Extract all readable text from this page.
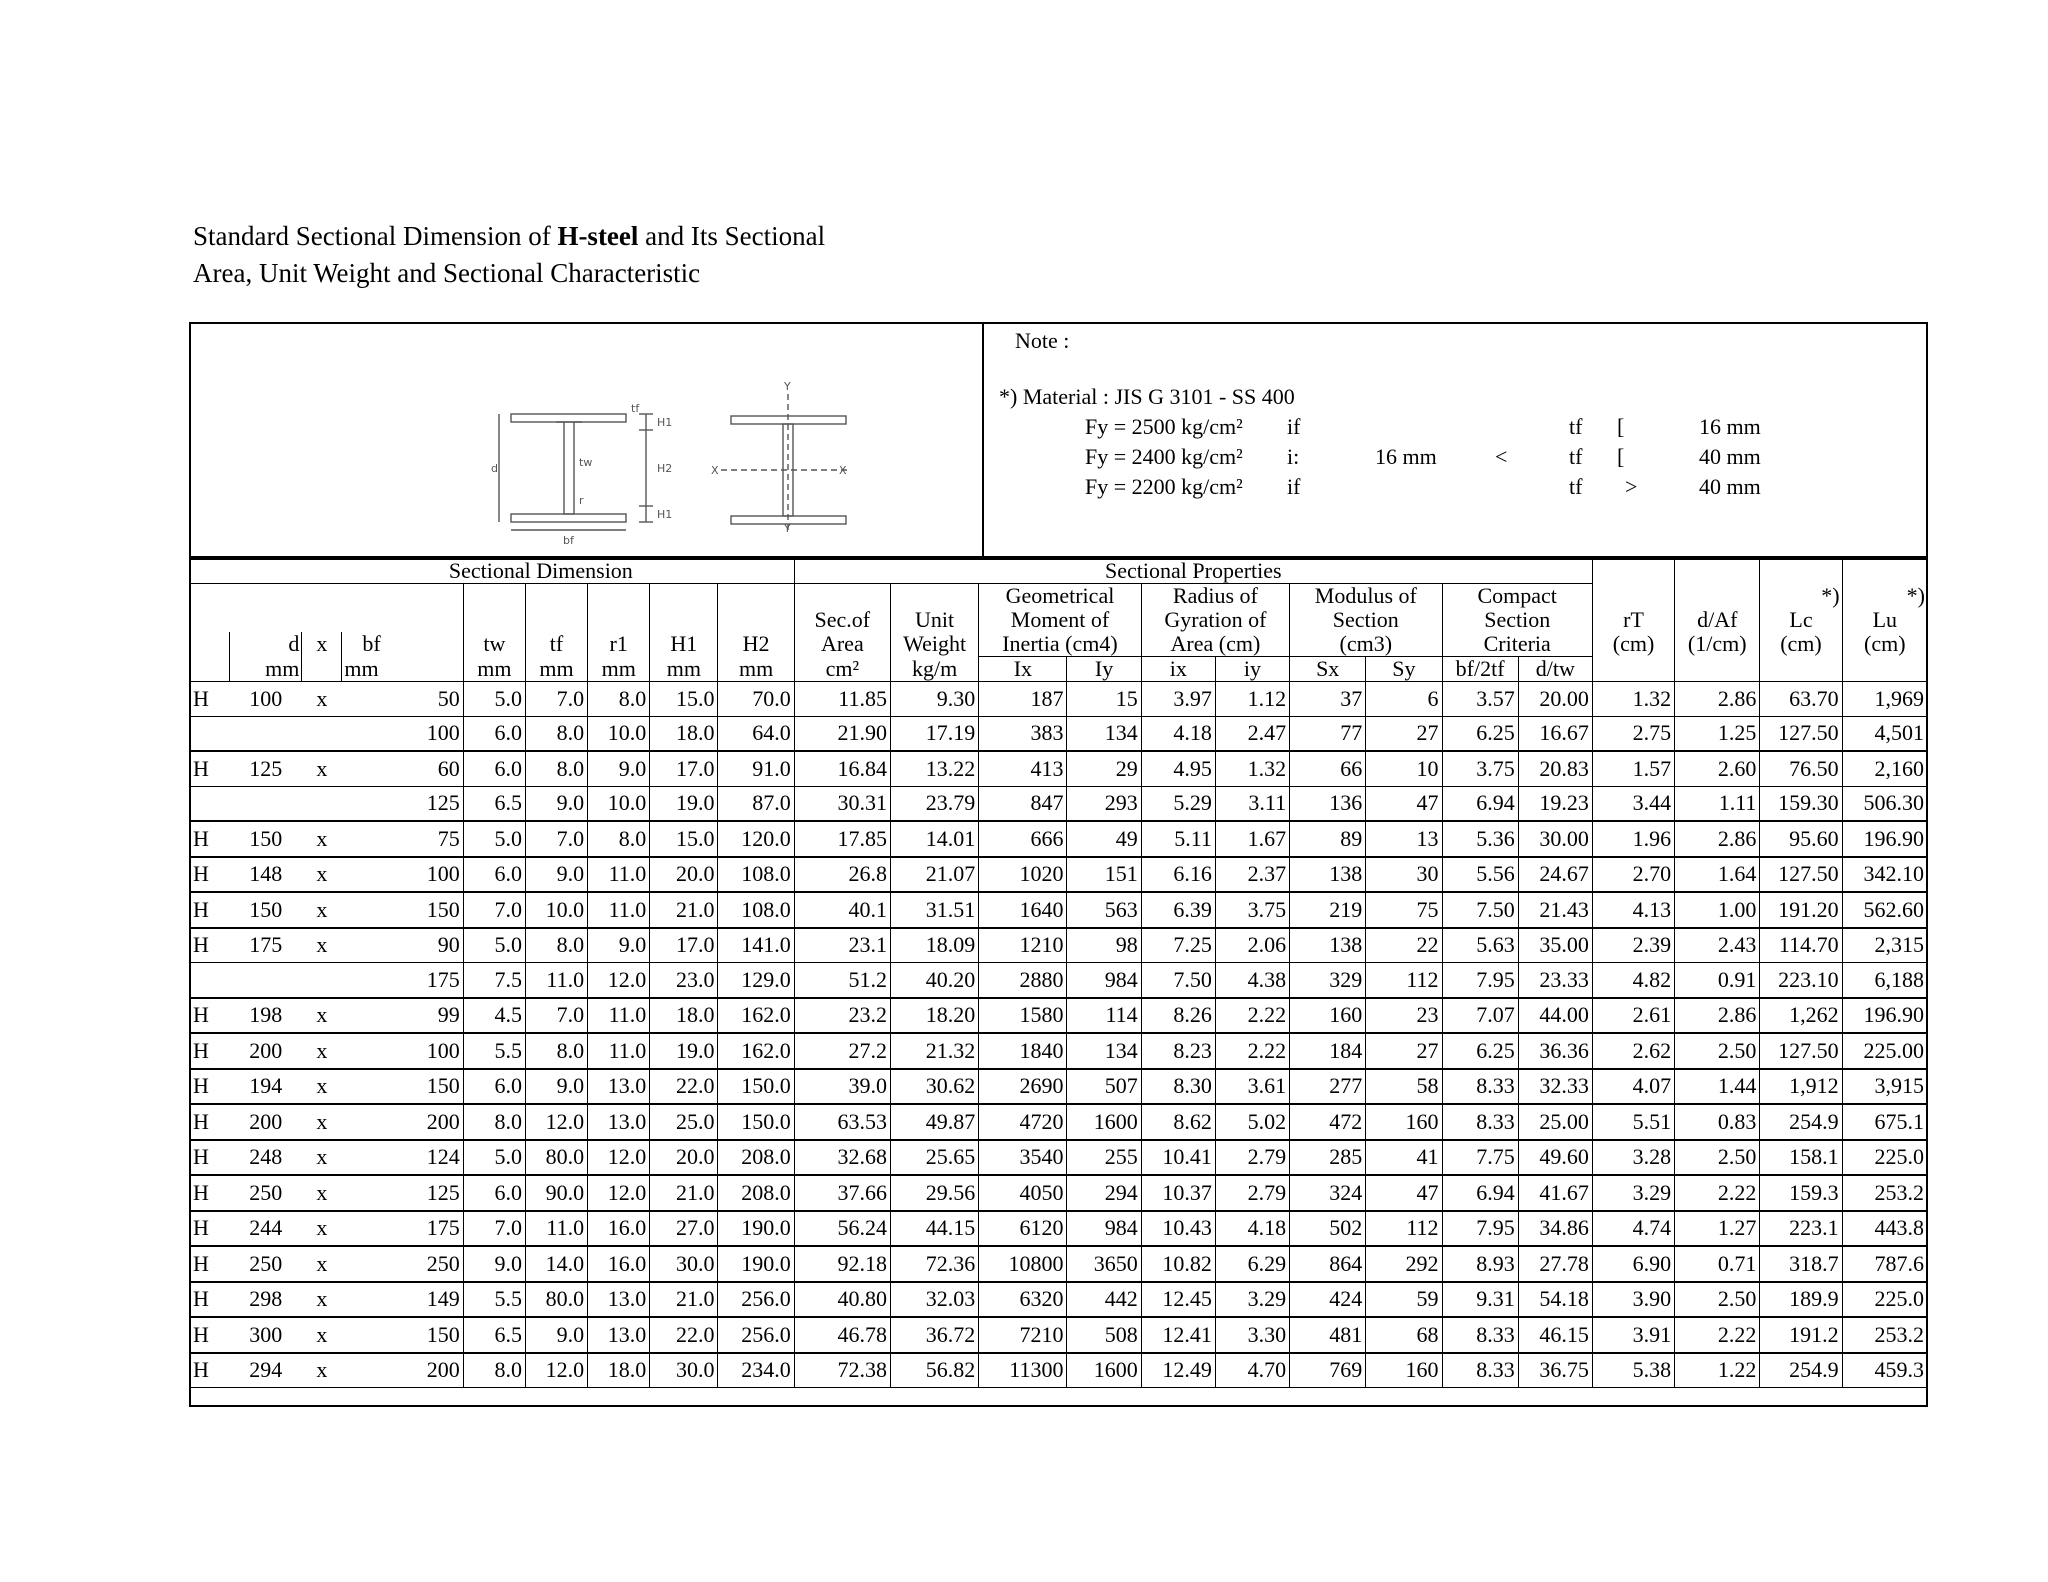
Standard Sectional Dimension of H-steel and Its Sectional
Area, Unit Weight and Sectional Characteristic
d	tw
tf
r
bf
H1
H2
H1
Y
X	X
Y
Note :
*) Material : JIS G 3101 - SS 400
Fy = 2500 kg/cm² if	tf [	16 mm
Fy = 2400 kg/cm² i:	16 mm	<	tf [	40 mm
Fy = 2200 kg/cm² if	tf >	40 mm
Sectional Dimension									Sectional Properties													
											Geometrical		Radius of		Modulus of		Compact				*)	*)
									Sec.of	Unit	Moment of		Gyration of		Section		Section		rT	d/Af	Lc	Lu
	d	x	bf	tw	tf	r1	H1	H2	Area	Weight	Inertia (cm4)		Area (cm)		(cm3)		Criteria		(cm)	(1/cm)	(cm)	(cm)
	mm		mm	mm	mm	mm	mm	mm	cm²	kg/m	Ix	Iy	ix	iy	Sx	Sy	bf/2tf	d/tw				
H	100	x	50	5.0	7.0	8.0	15.0	70.0	11.85	9.30	187	15	3.97	1.12	37	6	3.57	20.00	1.32	2.86	63.70	1,969
			100	6.0	8.0	10.0	18.0	64.0	21.90	17.19	383	134	4.18	2.47	77	27	6.25	16.67	2.75	1.25	127.50	4,501
H	125	x	60	6.0	8.0	9.0	17.0	91.0	16.84	13.22	413	29	4.95	1.32	66	10	3.75	20.83	1.57	2.60	76.50	2,160
			125	6.5	9.0	10.0	19.0	87.0	30.31	23.79	847	293	5.29	3.11	136	47	6.94	19.23	3.44	1.11	159.30	506.30
H	150	x	75	5.0	7.0	8.0	15.0	120.0	17.85	14.01	666	49	5.11	1.67	89	13	5.36	30.00	1.96	2.86	95.60	196.90
H	148	x	100	6.0	9.0	11.0	20.0	108.0	26.8	21.07	1020	151	6.16	2.37	138	30	5.56	24.67	2.70	1.64	127.50	342.10
H	150	x	150	7.0	10.0	11.0	21.0	108.0	40.1	31.51	1640	563	6.39	3.75	219	75	7.50	21.43	4.13	1.00	191.20	562.60
H	175	x	90	5.0	8.0	9.0	17.0	141.0	23.1	18.09	1210	98	7.25	2.06	138	22	5.63	35.00	2.39	2.43	114.70	2,315
			175	7.5	11.0	12.0	23.0	129.0	51.2	40.20	2880	984	7.50	4.38	329	112	7.95	23.33	4.82	0.91	223.10	6,188
H	198	x	99	4.5	7.0	11.0	18.0	162.0	23.2	18.20	1580	114	8.26	2.22	160	23	7.07	44.00	2.61	2.86	1,262	196.90
H	200	x	100	5.5	8.0	11.0	19.0	162.0	27.2	21.32	1840	134	8.23	2.22	184	27	6.25	36.36	2.62	2.50	127.50	225.00
H	194	x	150	6.0	9.0	13.0	22.0	150.0	39.0	30.62	2690	507	8.30	3.61	277	58	8.33	32.33	4.07	1.44	1,912	3,915
H	200	x	200	8.0	12.0	13.0	25.0	150.0	63.53	49.87	4720	1600	8.62	5.02	472	160	8.33	25.00	5.51	0.83	254.9	675.1
H	248	x	124	5.0	80.0	12.0	20.0	208.0	32.68	25.65	3540	255	10.41	2.79	285	41	7.75	49.60	3.28	2.50	158.1	225.0
H	250	x	125	6.0	90.0	12.0	21.0	208.0	37.66	29.56	4050	294	10.37	2.79	324	47	6.94	41.67	3.29	2.22	159.3	253.2
H	244	x	175	7.0	11.0	16.0	27.0	190.0	56.24	44.15	6120	984	10.43	4.18	502	112	7.95	34.86	4.74	1.27	223.1	443.8
H	250	x	250	9.0	14.0	16.0	30.0	190.0	92.18	72.36	10800	3650	10.82	6.29	864	292	8.93	27.78	6.90	0.71	318.7	787.6
H	298	x	149	5.5	80.0	13.0	21.0	256.0	40.80	32.03	6320	442	12.45	3.29	424	59	9.31	54.18	3.90	2.50	189.9	225.0
H	300	x	150	6.5	9.0	13.0	22.0	256.0	46.78	36.72	7210	508	12.41	3.30	481	68	8.33	46.15	3.91	2.22	191.2	253.2
H	294	x	200	8.0	12.0	18.0	30.0	234.0	72.38	56.82	11300	1600	12.49	4.70	769	160	8.33	36.75	5.38	1.22	254.9	459.3
